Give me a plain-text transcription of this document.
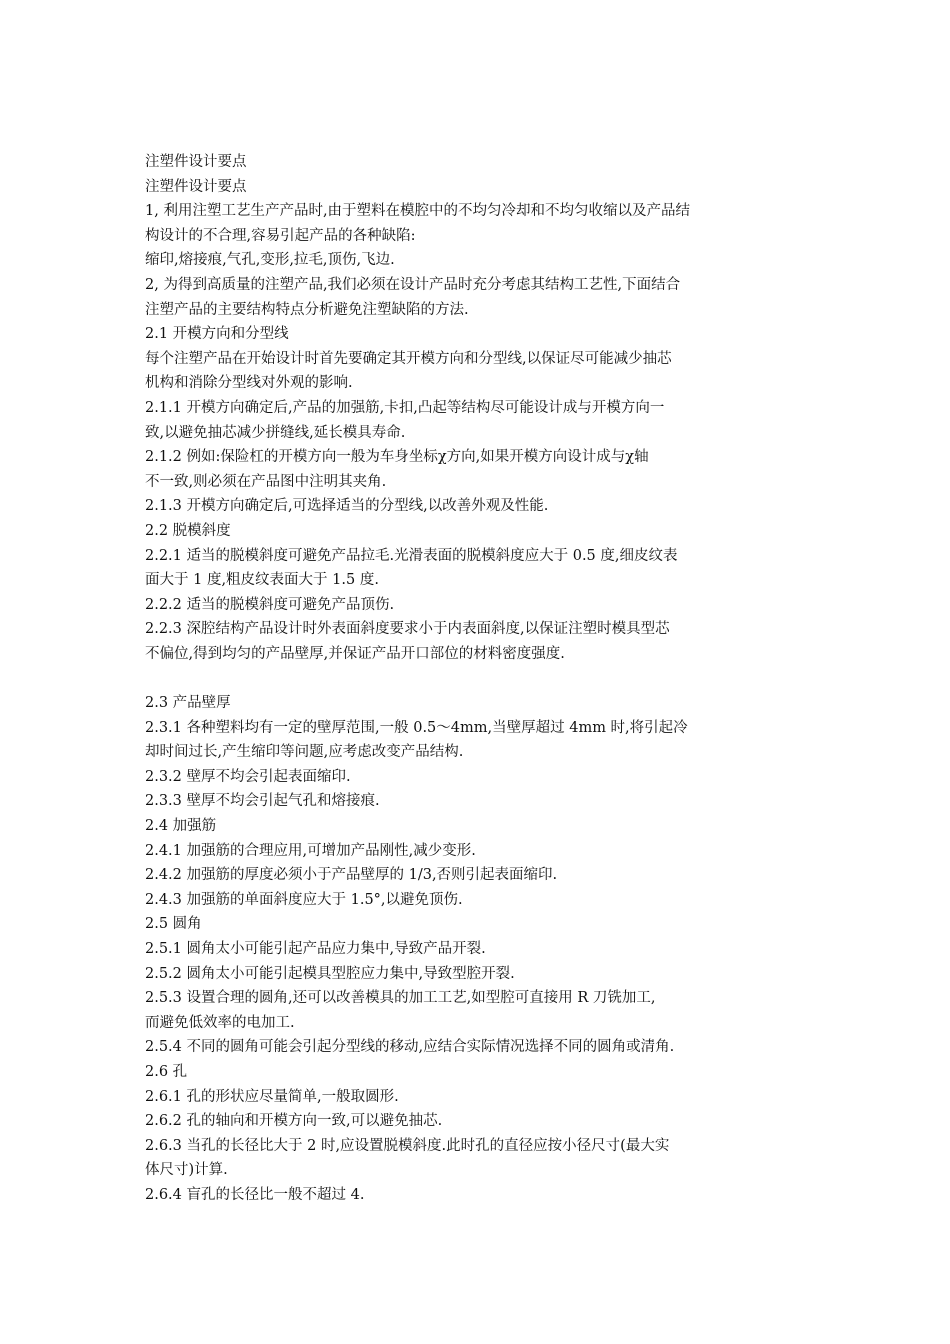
注塑件设计要点
注塑件设计要点
1, 利用注塑工艺生产产品时,由于塑料在模腔中的不均匀冷却和不均匀收缩以及产品结
构设计的不合理,容易引起产品的各种缺陷:
缩印,熔接痕,气孔,变形,拉毛,顶伤,飞边.
2, 为得到高质量的注塑产品,我们必须在设计产品时充分考虑其结构工艺性,下面结合
注塑产品的主要结构特点分析避免注塑缺陷的方法.
2.1 开模方向和分型线
每个注塑产品在开始设计时首先要确定其开模方向和分型线,以保证尽可能减少抽芯
机构和消除分型线对外观的影响.
2.1.1 开模方向确定后,产品的加强筋,卡扣,凸起等结构尽可能设计成与开模方向一
致,以避免抽芯减少拼缝线,延长模具寿命.
2.1.2 例如:保险杠的开模方向一般为车身坐标χ方向,如果开模方向设计成与χ轴
不一致,则必须在产品图中注明其夹角.
2.1.3 开模方向确定后,可选择适当的分型线,以改善外观及性能.
2.2 脱模斜度
2.2.1 适当的脱模斜度可避免产品拉毛.光滑表面的脱模斜度应大于 0.5 度,细皮纹表
面大于 1 度,粗皮纹表面大于 1.5 度.
2.2.2 适当的脱模斜度可避免产品顶伤.
2.2.3 深腔结构产品设计时外表面斜度要求小于内表面斜度,以保证注塑时模具型芯
不偏位,得到均匀的产品壁厚,并保证产品开口部位的材料密度强度.
2.3 产品壁厚
2.3.1 各种塑料均有一定的壁厚范围,一般 0.5～4mm,当壁厚超过 4mm 时,将引起冷
却时间过长,产生缩印等问题,应考虑改变产品结构.
2.3.2 壁厚不均会引起表面缩印.
2.3.3 壁厚不均会引起气孔和熔接痕.
2.4 加强筋
2.4.1 加强筋的合理应用,可增加产品刚性,减少变形.
2.4.2 加强筋的厚度必须小于产品壁厚的 1/3,否则引起表面缩印.
2.4.3 加强筋的单面斜度应大于 1.5°,以避免顶伤.
2.5 圆角
2.5.1 圆角太小可能引起产品应力集中,导致产品开裂.
2.5.2 圆角太小可能引起模具型腔应力集中,导致型腔开裂.
2.5.3 设置合理的圆角,还可以改善模具的加工工艺,如型腔可直接用 R 刀铣加工,
而避免低效率的电加工.
2.5.4 不同的圆角可能会引起分型线的移动,应结合实际情况选择不同的圆角或清角.
2.6 孔
2.6.1 孔的形状应尽量简单,一般取圆形.
2.6.2 孔的轴向和开模方向一致,可以避免抽芯.
2.6.3 当孔的长径比大于 2 时,应设置脱模斜度.此时孔的直径应按小径尺寸(最大实
体尺寸)计算.
2.6.4 盲孔的长径比一般不超过 4.
